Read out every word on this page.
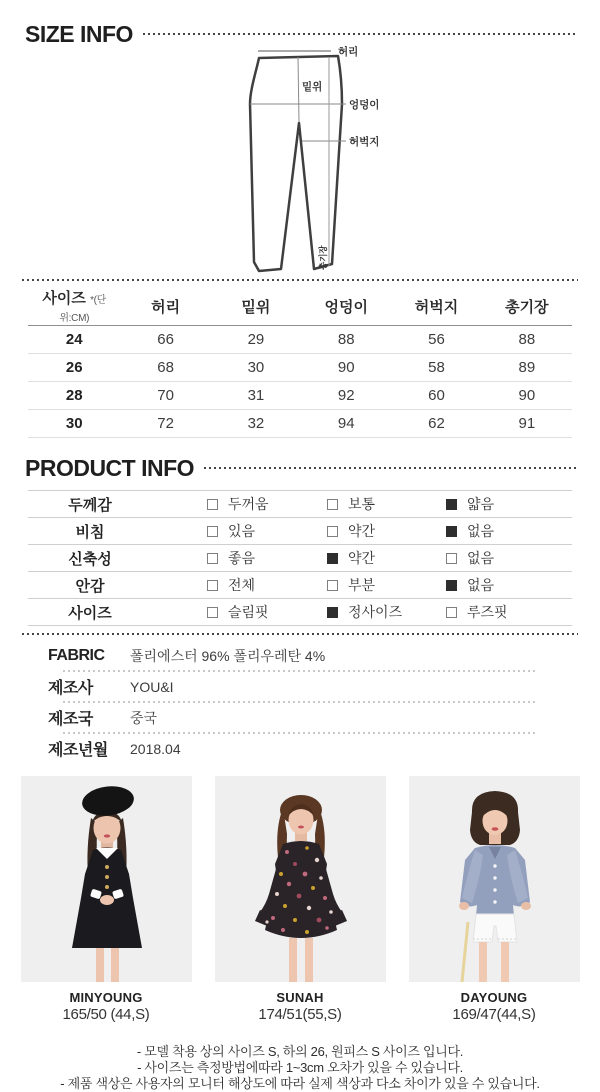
SIZE INFO
허리
밑위
엉덩이
허벅지
총기장
사이즈 *(단위:CM)	허리	밑위	엉덩이	허벅지	총기장
24	66	29	88	56	88
26	68	30	90	58	89
28	70	31	92	60	90
30	72	32	94	62	91
PRODUCT INFO
두께감	두꺼움	보통	얇음
비침	있음	약간	없음
신축성	좋음	약간	없음
안감	전체	부분	없음
사이즈	슬림핏	정사이즈	루즈핏
FABRIC	폴리에스터 96% 폴리우레탄 4%
제조사	YOU&I
제조국	중국
제조년월	2018.04
MINYOUNG
165/50 (44,S)
SUNAH
174/51(55,S)
DAYOUNG
169/47(44,S)

- 모델 착용 상의 사이즈 S, 하의 26, 원피스 S 사이즈 입니다.

- 사이즈는 측정방법에따라 1~3cm 오차가 있을 수 있습니다.

- 제품 색상은 사용자의 모니터 해상도에 따라 실제 색상과 다소 차이가 있을 수 있습니다.
